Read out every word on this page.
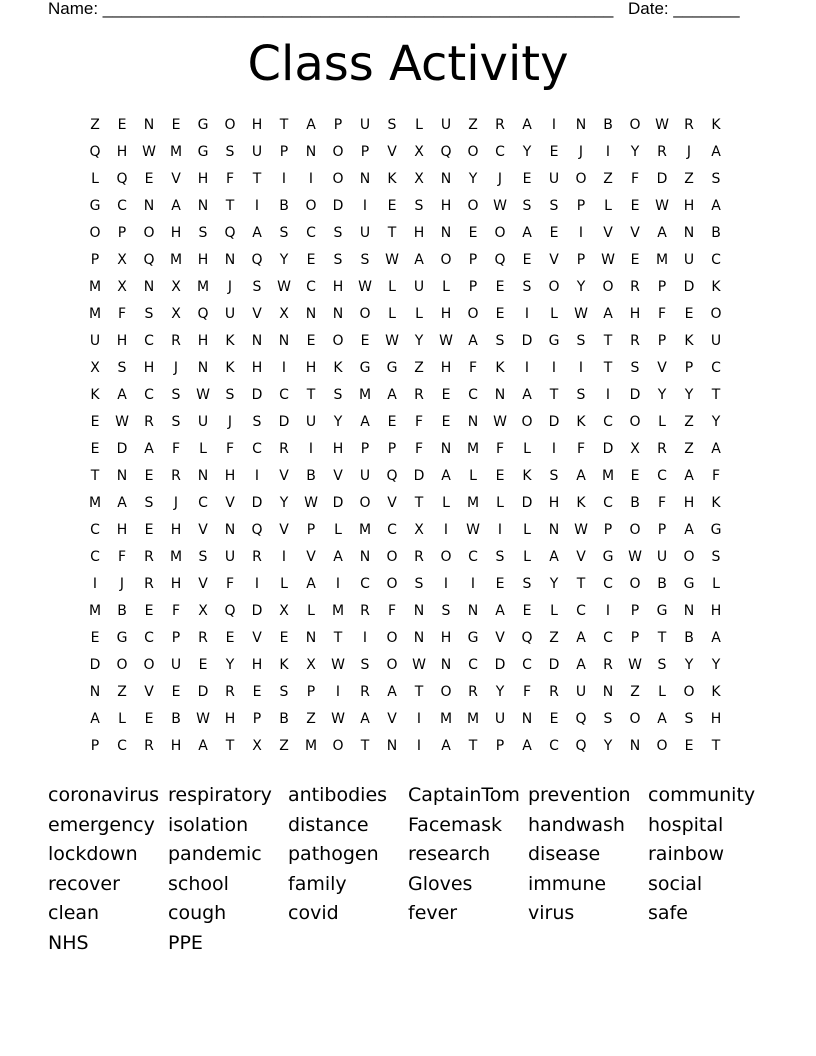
Name: ______________________________________________________ Date: _______
Class Activity
Z	E	N	E	G	O	H	T	A	P	U	S	L	U	Z	R	A	I	N	B	O	W	R	K
Q	H	W	M	G	S	U	P	N	O	P	V	X	Q	O	C	Y	E	J	I	Y	R	J	A
L	Q	E	V	H	F	T	I	I	O	N	K	X	N	Y	J	E	U	O	Z	F	D	Z	S
G	C	N	A	N	T	I	B	O	D	I	E	S	H	O	W	S	S	P	L	E	W	H	A
O	P	O	H	S	Q	A	S	C	S	U	T	H	N	E	O	A	E	I	V	V	A	N	B
P	X	Q	M	H	N	Q	Y	E	S	S	W	A	O	P	Q	E	V	P	W	E	M	U	C
M	X	N	X	M	J	S	W	C	H	W	L	U	L	P	E	S	O	Y	O	R	P	D	K
M	F	S	X	Q	U	V	X	N	N	O	L	L	H	O	E	I	L	W	A	H	F	E	O
U	H	C	R	H	K	N	N	E	O	E	W	Y	W	A	S	D	G	S	T	R	P	K	U
X	S	H	J	N	K	H	I	H	K	G	G	Z	H	F	K	I	I	I	T	S	V	P	C
K	A	C	S	W	S	D	C	T	S	M	A	R	E	C	N	A	T	S	I	D	Y	Y	T
E	W	R	S	U	J	S	D	U	Y	A	E	F	E	N	W	O	D	K	C	O	L	Z	Y
E	D	A	F	L	F	C	R	I	H	P	P	F	N	M	F	L	I	F	D	X	R	Z	A
T	N	E	R	N	H	I	V	B	V	U	Q	D	A	L	E	K	S	A	M	E	C	A	F
M	A	S	J	C	V	D	Y	W	D	O	V	T	L	M	L	D	H	K	C	B	F	H	K
C	H	E	H	V	N	Q	V	P	L	M	C	X	I	W	I	L	N	W	P	O	P	A	G
C	F	R	M	S	U	R	I	V	A	N	O	R	O	C	S	L	A	V	G	W	U	O	S
I	J	R	H	V	F	I	L	A	I	C	O	S	I	I	E	S	Y	T	C	O	B	G	L
M	B	E	F	X	Q	D	X	L	M	R	F	N	S	N	A	E	L	C	I	P	G	N	H
E	G	C	P	R	E	V	E	N	T	I	O	N	H	G	V	Q	Z	A	C	P	T	B	A
D	O	O	U	E	Y	H	K	X	W	S	O	W	N	C	D	C	D	A	R	W	S	Y	Y
N	Z	V	E	D	R	E	S	P	I	R	A	T	O	R	Y	F	R	U	N	Z	L	O	K
A	L	E	B	W	H	P	B	Z	W	A	V	I	M	M	U	N	E	Q	S	O	A	S	H
P	C	R	H	A	T	X	Z	M	O	T	N	I	A	T	P	A	C	Q	Y	N	O	E	T
coronavirus respiratory antibodies CaptainTom prevention community
emergency isolation distance Facemask handwash hospital
lockdown pandemic pathogen research disease	rainbow
recover	school	family	Gloves	immune social
clean	cough	covid	fever	virus	safe
NHS	PPE
